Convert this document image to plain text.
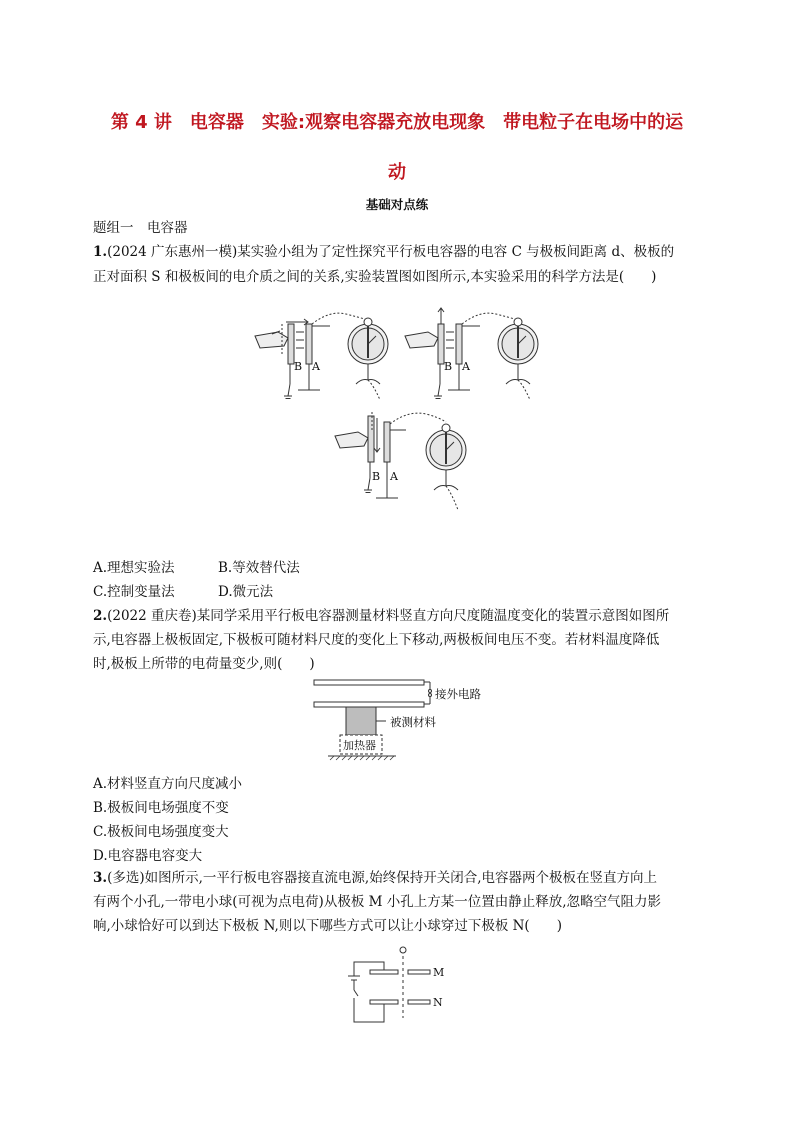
第 4 讲　电容器　实验:观察电容器充放电现象　带电粒子在电场中的运
动
基础对点练
题组一　电容器
1.(2024 广东惠州一模)某实验小组为了定性探究平行板电容器的电容 C 与极板间距离 d、极板的
正对面积 S 和极板间的电介质之间的关系,实验装置图如图所示,本实验采用的科学方法是(　　)
B A	B A
B A
A.理想实验法	B.等效替代法
C.控制变量法	D.微元法
2.(2022 重庆卷)某同学采用平行板电容器测量材料竖直方向尺度随温度变化的装置示意图如图所
示,电容器上极板固定,下极板可随材料尺度的变化上下移动,两极板间电压不变。若材料温度降低
时,极板上所带的电荷量变少,则(　　)
接外电路
被测材料
加热器
A.材料竖直方向尺度减小
B.极板间电场强度不变
C.极板间电场强度变大
D.电容器电容变大
3.(多选)如图所示,一平行板电容器接直流电源,始终保持开关闭合,电容器两个极板在竖直方向上
有两个小孔,一带电小球(可视为点电荷)从极板 M 小孔上方某一位置由静止释放,忽略空气阻力影
响,小球恰好可以到达下极板 N,则以下哪些方式可以让小球穿过下极板 N(　　)
M
N
